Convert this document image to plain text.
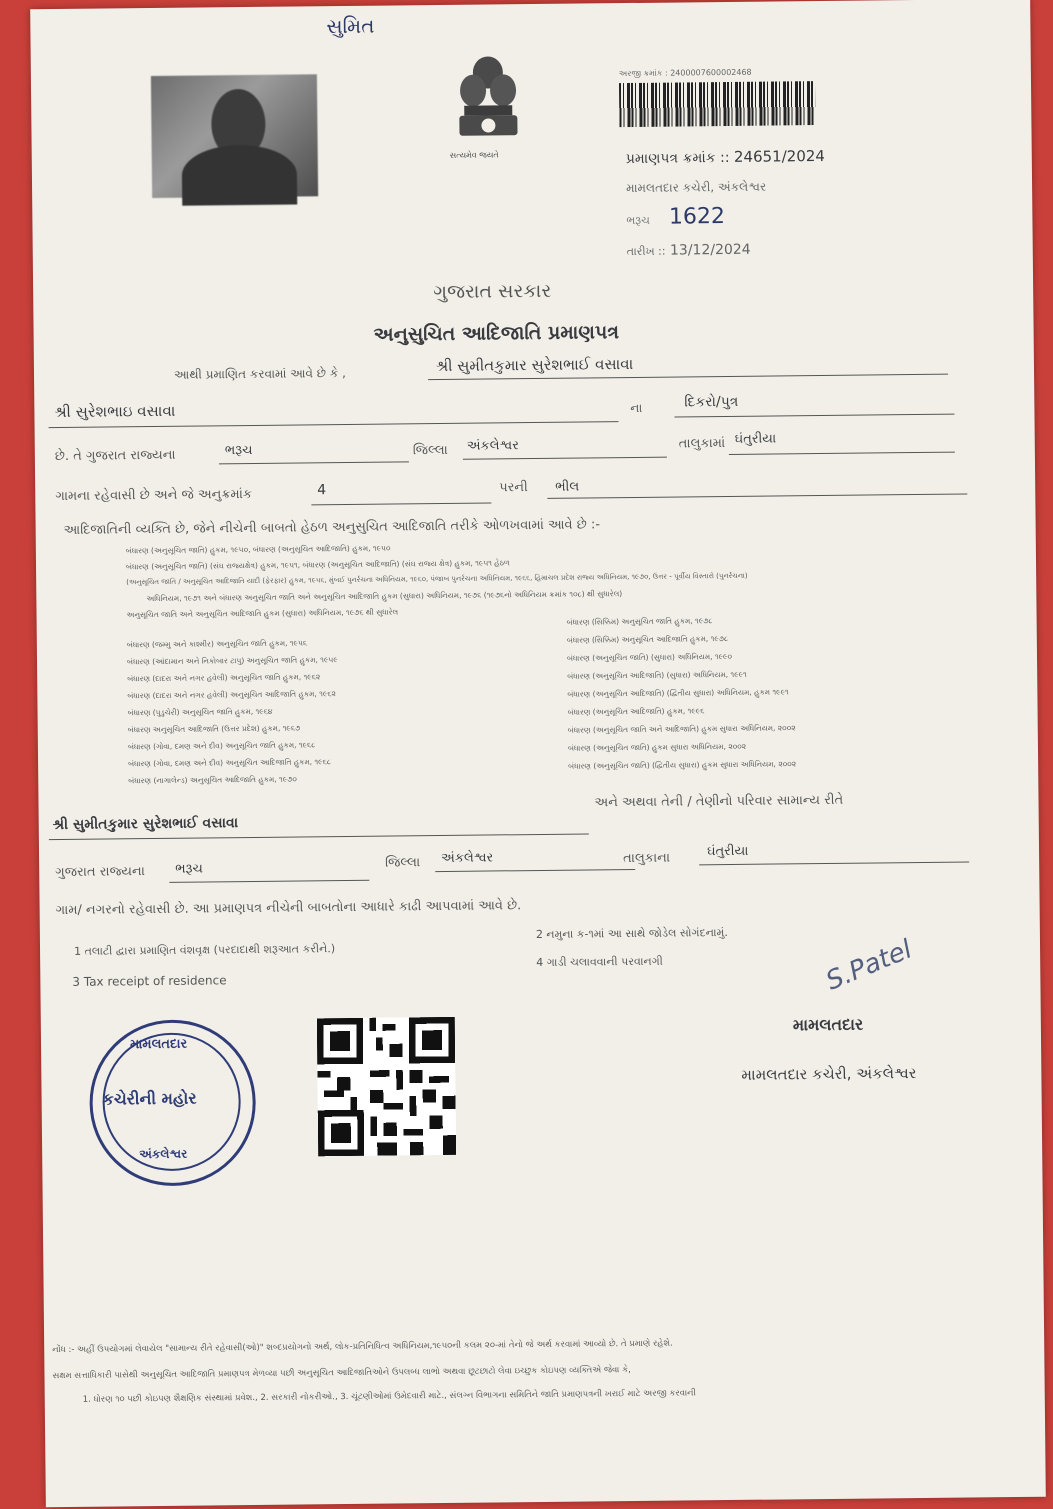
સુમિત
સત્યમેવ જયતે
અરજી ક્રમાંક : 2400007600002468
પ્રમાણપત્ર ક્રમાંક :: 24651/2024
મામલતદાર કચેરી, અંકલેશ્વર
ભરૂચ 1622
તારીખ :: 13/12/2024
ગુજરાત સરકાર
અનુસુચિત આદિજાતિ પ્રમાણપત્ર
આથી પ્રમાણિત કરવામાં આવે છે કે ,	શ્રી સુમીતકુમાર સુરેશભાઈ વસાવા
શ્રી સુરેશભાઇ વસાવા	ના	દિકરો/પુત્ર
છે. તે ગુજરાત રાજ્યના	ભરૂચ	જિલ્લા અંકલેશ્વર	તાલુકામાં ઘંતુરીયા
ગામના રહેવાસી છે અને જે અનુક્રમાંક	4	પરની ભીલ
આદિજાતિની વ્યક્તિ છે, જેને નીચેની બાબતો હેઠળ અનુસુચિત આદિજાતિ તરીકે ઓળખવામાં આવે છે :-
બંધારણ (અનુસૂચિત જાતિ) હુકમ, ૧૯૫૦, બંધારણ (અનુસૂચિત આદિજાતિ) હુકમ, ૧૯૫૦
બંધારણ (અનુસૂચિત જાતિ) (સંઘ રાજ્યક્ષેત્ર) હુકમ, ૧૯૫૧, બંધારણ (અનુસૂચિત આદિજાતિ) (સંઘ રાજ્ય ક્ષેત્ર) હુકમ, ૧૯૫૧ હેઠળ
(અનુસૂચિત જાતિ / અનુસૂચિત આદિજાતિ યાદી (ફેરફાર) હુકમ, ૧૯૫૬, મુંબઈ પુનર્રચના અધિનિયમ, ૧૯૬૦, પંજાબ પુનર્રચના અધિનિયમ, ૧૯૬૬, હિમાચલ પ્રદેશ રાજ્ય અધિનિયમ, ૧૯૭૦, ઉત્તર - પૂર્વીય વિસ્તારો (પુનર્રચના)
અધિનિયમ, ૧૯૭૧ અને બંધારણ અનુસૂચિત જાતિ અને અનુસૂચિત આદિજાતિ હુકમ (સુધારા) અધિનિયમ, ૧૯૭૬ (૧૯૭૬નો અધિનિયમ ક્રમાંક ૧૦૮) થી સુધારેલ)
અનુસૂચિત જાતિ અને અનુસૂચિત આદિજાતિ હુકમ (સુધારા) અધિનિયમ, ૧૯૭૬ થી સુધારેલ
બંધારણ (જમ્મુ અને કાશ્મીર) અનુસૂચિત જાતિ હુકમ, ૧૯૫૬
બંધારણ (આંદામાન અને નિકોબાર ટાપુ) અનુસૂચિત જાતિ હુકમ, ૧૯૫૯
બંધારણ (દાદરા અને નગર હવેલી) અનુસૂચિત જાતિ હુકમ, ૧૯૬૨
બંધારણ (દાદરા અને નગર હવેલી) અનુસૂચિત આદિજાતિ હુકમ, ૧૯૬૨
બંધારણ (પુડુચેરી) અનુસૂચિત જાતિ હુકમ, ૧૯૬૪
બંધારણ અનુસૂચિત આદિજાતિ (ઉત્તર પ્રદેશ) હુકમ, ૧૯૬૭
બંધારણ (ગોવા, દમણ અને દીવ) અનુસૂચિત જાતિ હુકમ, ૧૯૬૮
બંધારણ (ગોવા, દમણ અને દીવ) અનુસૂચિત આદિજાતિ હુકમ, ૧૯૬૮
બંધારણ (નાગાલેન્ડ) અનુસૂચિત આદિજાતિ હુકમ, ૧૯૭૦
બંધારણ (સિક્કિમ) અનુસૂચિત જાતિ હુકમ, ૧૯૭૮
બંધારણ (સિક્કિમ) અનુસૂચિત આદિજાતિ હુકમ, ૧૯૭૮
બંધારણ (અનુસૂચિત જાતિ) (સુધારા) અધિનિયમ, ૧૯૯૦
બંધારણ (અનુસૂચિત આદિજાતિ) (સુધારા) અધિનિયમ, ૧૯૯૧
બંધારણ (અનુસૂચિત આદિજાતિ) (દ્વિતીય સુધારા) અધિનિયમ, હુકમ ૧૯૯૧
બંધારણ (અનુસૂચિત આદિજાતિ) હુકમ, ૧૯૯૬
બંધારણ (અનુસૂચિત જાતિ અને આદિજાતિ) હુકમ સુધારા અધિનિયમ, ૨૦૦૨
બંધારણ (અનુસૂચિત જાતિ) હુકમ સુધારા અધિનિયમ, ૨૦૦૨
બંધારણ (અનુસૂચિત જાતિ) (દ્વિતીય સુધારા) હુકમ સુધારા અધિનિયમ, ૨૦૦૨
શ્રી સુમીતકુમાર સુરેશભાઈ વસાવા
અને અથવા તેની / તેણીનો પરિવાર સામાન્ય રીતે
ગુજરાત રાજ્યના ભરૂચ	જિલ્લા અંકલેશ્વર	તાલુકાના	ઘંતુરીયા
ગામ/ નગરનો રહેવાસી છે. આ પ્રમાણપત્ર નીચેની બાબતોના આધારે કાઢી આપવામાં આવે છે.
1 તલાટી દ્વારા પ્રમાણિત વંશવૃક્ષ (પરદાદાથી શરૂઆત કરીને.)
2 નમુના ક-૧માં આ સાથે જોડેલ સોગંદનામું.
3 Tax receipt of residence
4 ગાડી ચલાવવાની પરવાનગી
મામલતદાર
કચેરીની મહોર
અંકલેશ્વર
S.Patel
મામલતદાર
મામલતદાર કચેરી, અંકલેશ્વર
નોંધ :- અહીં ઉપયોગમાં લેવાયેલ "સામાન્ય રીતે રહેવાસી(ઓ)" શબ્દપ્રયોગનો અર્થ, લોક-પ્રતિનિધિત્વ અધિનિયમ,૧૯૫૦ની કલમ ૨૦-માં તેનો જે અર્થ કરવામાં આવ્યો છે. તે પ્રમાણે રહેશે.
સક્ષમ સત્તાધિકારી પાસેથી અનુસૂચિત આદિજાતિ પ્રમાણપત્ર મેળવ્યા પછી અનુસૂચિત આદિજાતિઓને ઉપલબ્ધ લાભો અથવા છૂટછાટો લેવા ઇચ્છુક કોઇપણ વ્યક્તિએ જેવા કે,
1. ધોરણ ૧૦ પછી કોઇપણ શૈક્ષણિક સંસ્થામાં પ્રવેશ., 2. સરકારી નોકરીઓ., 3. ચૂંટણીઓમાં ઉમેદવારી માટે., સંલગ્ન વિભાગના સમિતિને જાતિ પ્રમાણપત્રની ખરાઈ માટે અરજી કરવાની
